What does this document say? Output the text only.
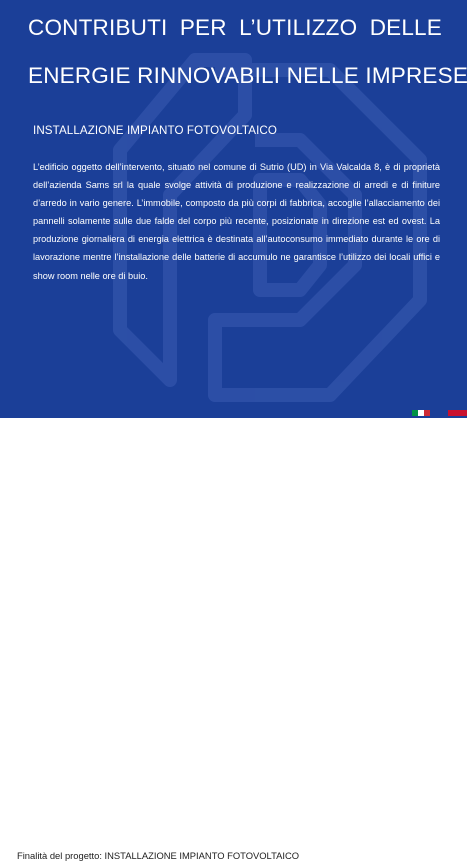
CONTRIBUTI PER L’UTILIZZO DELLE
ENERGIE RINNOVABILI NELLE IMPRESE
INSTALLAZIONE IMPIANTO FOTOVOLTAICO

L’edificio oggetto dell’intervento, situato nel comune di Sutrio (UD) in Via Valcalda 8, è di proprietà dell’azienda Sams srl la quale svolge attività di produzione e realizzazione di arredi e di finiture d’arredo in vario genere. L’immobile, composto da più corpi di fabbrica, accoglie l’allacciamento dei pannelli solamente sulle due falde del corpo più recente, posizionate in direzione est ed ovest. La produzione giornaliera di energia elettrica è destinata all’autoconsumo immediato durante le ore di lavorazione mentre l’installazione delle batterie di accumulo ne garantisce l’utilizzo dei locali uffici e show room nelle ore di buio.

Finalità del progetto: INSTALLAZIONE IMPIANTO FOTOVOLTAICO
